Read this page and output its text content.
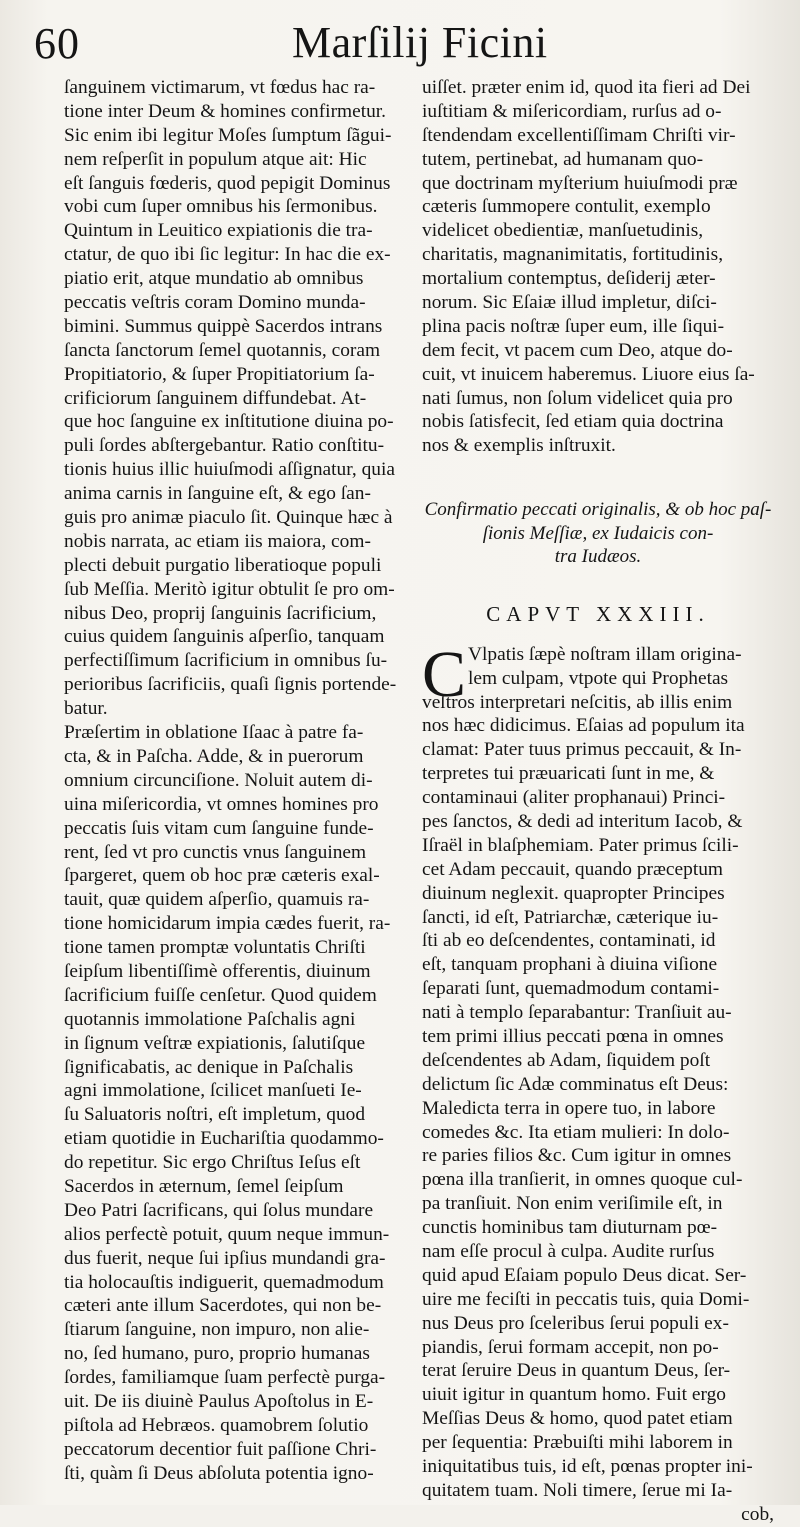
60	Marſilij Ficini
ſanguinem victimarum, vt fœdus hac ra-
tione inter Deum & homines confirmetur.
Sic enim ibi legitur Moſes ſumptum ſãgui-
nem reſperſit in populum atque ait: Hic
eſt ſanguis fœderis, quod pepigit Dominus
vobi cum ſuper omnibus his ſermonibus.
Quintum in Leuitico expiationis die tra-
ctatur, de quo ibi ſic legitur: In hac die ex-
piatio erit, atque mundatio ab omnibus
peccatis veſtris coram Domino munda-
bimini. Summus quippè Sacerdos intrans
ſancta ſanctorum ſemel quotannis, coram
Propitiatorio, & ſuper Propitiatorium ſa-
crificiorum ſanguinem diffundebat. At-
que hoc ſanguine ex inſtitutione diuina po-
puli ſordes abſtergebantur. Ratio conſtitu-
tionis huius illic huiuſmodi aſſignatur, quia
anima carnis in ſanguine eſt, & ego ſan-
guis pro animæ piaculo ſit. Quinque hæc à
nobis narrata, ac etiam iis maiora, com-
plecti debuit purgatio liberatioque populi
ſub Meſſia. Meritò igitur obtulit ſe pro om-
nibus Deo, proprij ſanguinis ſacrificium,
cuius quidem ſanguinis aſperſio, tanquam
perfectiſſimum ſacrificium in omnibus ſu-
perioribus ſacrificiis, quaſi ſignis portende-
batur.
Præſertim in oblatione Iſaac à patre fa-
cta, & in Paſcha. Adde, & in puerorum
omnium circunciſione. Noluit autem di-
uina miſericordia, vt omnes homines pro
peccatis ſuis vitam cum ſanguine funde-
rent, ſed vt pro cunctis vnus ſanguinem
ſpargeret, quem ob hoc præ cæteris exal-
tauit, quæ quidem aſperſio, quamuis ra-
tione homicidarum impia cædes fuerit, ra-
tione tamen promptæ voluntatis Chriſti
ſeipſum libentiſſimè offerentis, diuinum
ſacrificium fuiſſe cenſetur. Quod quidem
quotannis immolatione Paſchalis agni
in ſignum veſtræ expiationis, ſalutiſque
ſignificabatis, ac denique in Paſchalis
agni immolatione, ſcilicet manſueti Ie-
ſu Saluatoris noſtri, eſt impletum, quod
etiam quotidie in Euchariſtia quodammo-
do repetitur. Sic ergo Chriſtus Ieſus eſt
Sacerdos in æternum, ſemel ſeipſum
Deo Patri ſacrificans, qui ſolus mundare
alios perfectè potuit, quum neque immun-
dus fuerit, neque ſui ipſius mundandi gra-
tia holocauſtis indiguerit, quemadmodum
cæteri ante illum Sacerdotes, qui non be-
ſtiarum ſanguine, non impuro, non alie-
no, ſed humano, puro, proprio humanas
ſordes, familiamque ſuam perfectè purga-
uit. De iis diuinè Paulus Apoſtolus in E-
piſtola ad Hebræos. quamobrem ſolutio
peccatorum decentior fuit paſſione Chri-
ſti, quàm ſi Deus abſoluta potentia igno-
uiſſet. præter enim id, quod ita fieri ad Dei
iuſtitiam & miſericordiam, rurſus ad o-
ſtendendam excellentiſſimam Chriſti vir-
tutem, pertinebat, ad humanam quo-
que doctrinam myſterium huiuſmodi præ
cæteris ſummopere contulit, exemplo
videlicet obedientiæ, manſuetudinis,
charitatis, magnanimitatis, fortitudinis,
mortalium contemptus, deſiderij æter-
norum. Sic Eſaiæ illud impletur, diſci-
plina pacis noſtræ ſuper eum, ille ſiqui-
dem fecit, vt pacem cum Deo, atque do-
cuit, vt inuicem haberemus. Liuore eius ſa-
nati ſumus, non ſolum videlicet quia pro
nobis ſatisfecit, ſed etiam quia doctrina
nos & exemplis inſtruxit.
Confirmatio peccati originalis, & ob hoc paſ-
ſionis Meſſiæ, ex Iudaicis con-
tra Iudæos.
CAPVT XXXIII.
C Vlpatis ſæpè noſtram illam origina-
lem culpam, vtpote qui Prophetas
veſtros interpretari neſcitis, ab illis enim
nos hæc didicimus. Eſaias ad populum ita
clamat: Pater tuus primus peccauit, & In-
terpretes tui præuaricati ſunt in me, &
contaminaui (aliter prophanaui) Princi-
pes ſanctos, & dedi ad interitum Iacob, &
Iſraël in blaſphemiam. Pater primus ſcili-
cet Adam peccauit, quando præceptum
diuinum neglexit. quapropter Principes
ſancti, id eſt, Patriarchæ, cæterique iu-
ſti ab eo deſcendentes, contaminati, id
eſt, tanquam prophani à diuina viſione
ſeparati ſunt, quemadmodum contami-
nati à templo ſeparabantur: Tranſiuit au-
tem primi illius peccati pœna in omnes
deſcendentes ab Adam, ſiquidem poſt
delictum ſic Adæ comminatus eſt Deus:
Maledicta terra in opere tuo, in labore
comedes &c. Ita etiam mulieri: In dolo-
re paries filios &c. Cum igitur in omnes
pœna illa tranſierit, in omnes quoque cul-
pa tranſiuit. Non enim veriſimile eſt, in
cunctis hominibus tam diuturnam pœ-
nam eſſe procul à culpa. Audite rurſus
quid apud Eſaiam populo Deus dicat. Ser-
uire me feciſti in peccatis tuis, quia Domi-
nus Deus pro ſceleribus ſerui populi ex-
piandis, ſerui formam accepit, non po-
terat ſeruire Deus in quantum Deus, ſer-
uiuit igitur in quantum homo. Fuit ergo
Meſſias Deus & homo, quod patet etiam
per ſequentia: Præbuiſti mihi laborem in
iniquitatibus tuis, id eſt, pœnas propter ini-
quitatem tuam. Noli timere, ſerue mi Ia-
cob,
